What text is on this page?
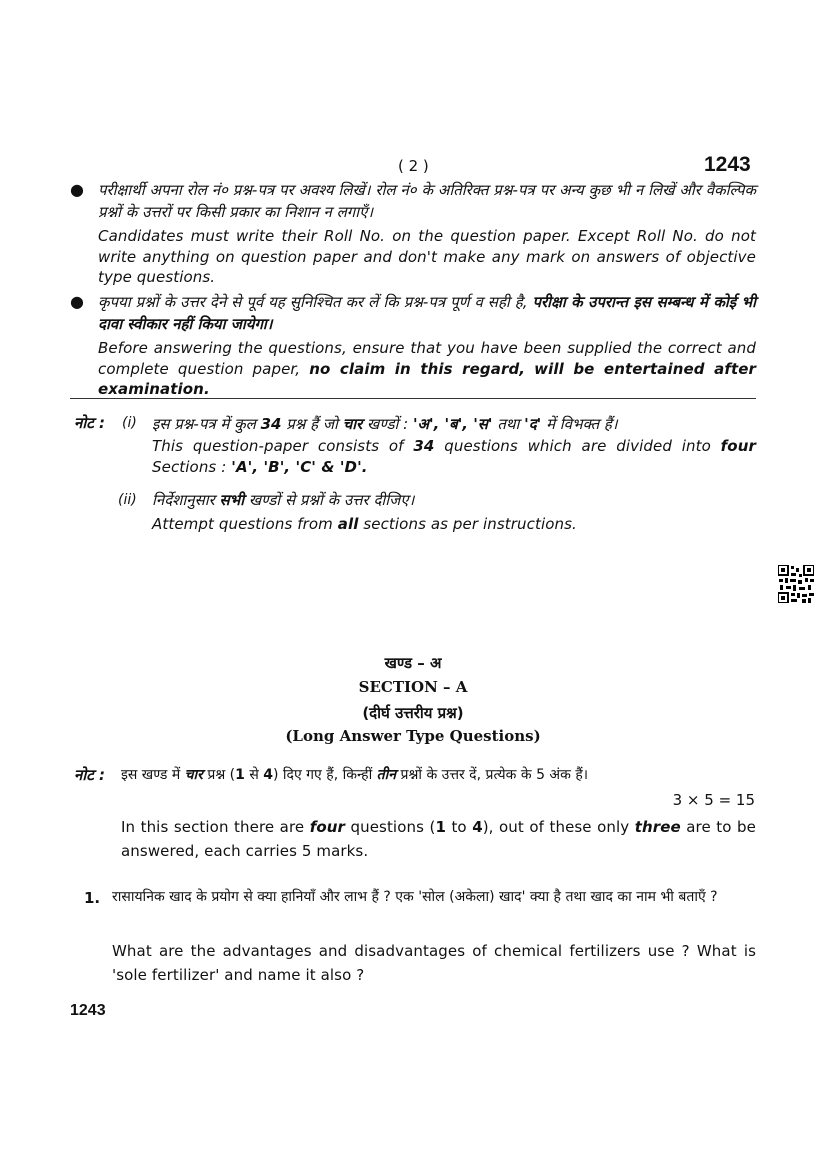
( 2 )	1243
● परीक्षार्थी अपना रोल नं० प्रश्न-पत्र पर अवश्य लिखें। रोल नं० के अतिरिक्त प्रश्न-पत्र पर अन्य कुछ भी न लिखें और वैकल्पिक प्रश्नों के उत्तरों पर किसी प्रकार का निशान न लगाएँ।
Candidates must write their Roll No. on the question paper. Except Roll No. do not write anything on question paper and don't make any mark on answers of objective type questions.
● कृपया प्रश्नों के उत्तर देने से पूर्व यह सुनिश्चित कर लें कि प्रश्न-पत्र पूर्ण व सही है, परीक्षा के उपरान्त इस सम्बन्ध में कोई भी दावा स्वीकार नहीं किया जायेगा।
Before answering the questions, ensure that you have been supplied the correct and complete question paper, no claim in this regard, will be entertained after examination.
नोट : (i) इस प्रश्न-पत्र में कुल 34 प्रश्न हैं जो चार खण्डों : 'अ', 'ब', 'स' तथा 'द' में विभक्त हैं।
This question-paper consists of 34 questions which are divided into four Sections : 'A', 'B', 'C' & 'D'.
(ii) निर्देशानुसार सभी खण्डों से प्रश्नों के उत्तर दीजिए।
Attempt questions from all sections as per instructions.
खण्ड – अ
SECTION – A
(दीर्घ उत्तरीय प्रश्न)
(Long Answer Type Questions)
नोट : इस खण्ड में चार प्रश्न (1 से 4) दिए गए हैं, किन्हीं तीन प्रश्नों के उत्तर दें, प्रत्येक के 5 अंक हैं।
3 × 5 = 15
In this section there are four questions (1 to 4), out of these only three are to be answered, each carries 5 marks.
1. रासायनिक खाद के प्रयोग से क्या हानियाँ और लाभ हैं ? एक 'सोल (अकेला) खाद' क्या है तथा खाद का नाम भी बताएँ ?
What are the advantages and disadvantages of chemical fertilizers use ? What is 'sole fertilizer' and name it also ?
1243
